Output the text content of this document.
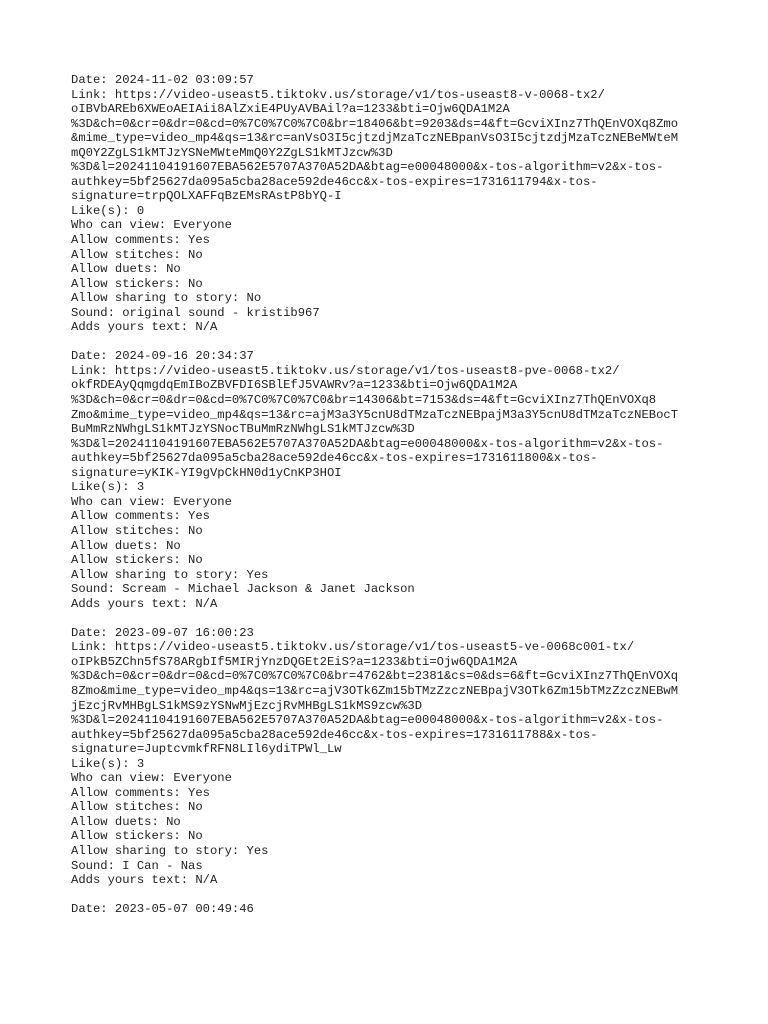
Date: 2024-11-02 03:09:57
Link: https://video-useast5.tiktokv.us/storage/v1/tos-useast8-v-0068-tx2/
oIBVbAREb6XWEoAEIAii8AlZxiE4PUyAVBAil?a=1233&bti=Ojw6QDA1M2A
%3D&ch=0&cr=0&dr=0&cd=0%7C0%7C0%7C0&br=18406&bt=9203&ds=4&ft=GcviXInz7ThQEnVOXq8Zmo
&mime_type=video_mp4&qs=13&rc=anVsO3I5cjtzdjMzaTczNEBpanVsO3I5cjtzdjMzaTczNEBeMWteM
mQ0Y2ZgLS1kMTJzYSNeMWteMmQ0Y2ZgLS1kMTJzcw%3D
%3D&l=20241104191607EBA562E5707A370A52DA&btag=e00048000&x-tos-algorithm=v2&x-tos-
authkey=5bf25627da095a5cba28ace592de46cc&x-tos-expires=1731611794&x-tos-
signature=trpQOLXAFFqBzEMsRAstP8bYQ-I
Like(s): 0
Who can view: Everyone
Allow comments: Yes
Allow stitches: No
Allow duets: No
Allow stickers: No
Allow sharing to story: No
Sound: original sound - kristib967
Adds yours text: N/A
Date: 2024-09-16 20:34:37
Link: https://video-useast5.tiktokv.us/storage/v1/tos-useast8-pve-0068-tx2/
okfRDEAyQqmgdqEmIBoZBVFDI6SBlEfJ5VAWRv?a=1233&bti=Ojw6QDA1M2A
%3D&ch=0&cr=0&dr=0&cd=0%7C0%7C0%7C0&br=14306&bt=7153&ds=4&ft=GcviXInz7ThQEnVOXq8
Zmo&mime_type=video_mp4&qs=13&rc=ajM3a3Y5cnU8dTMzaTczNEBpajM3a3Y5cnU8dTMzaTczNEBocT
BuMmRzNWhgLS1kMTJzYSNocTBuMmRzNWhgLS1kMTJzcw%3D
%3D&l=20241104191607EBA562E5707A370A52DA&btag=e00048000&x-tos-algorithm=v2&x-tos-
authkey=5bf25627da095a5cba28ace592de46cc&x-tos-expires=1731611800&x-tos-
signature=yKIK-YI9gVpCkHN0d1yCnKP3HOI
Like(s): 3
Who can view: Everyone
Allow comments: Yes
Allow stitches: No
Allow duets: No
Allow stickers: No
Allow sharing to story: Yes
Sound: Scream - Michael Jackson & Janet Jackson
Adds yours text: N/A
Date: 2023-09-07 16:00:23
Link: https://video-useast5.tiktokv.us/storage/v1/tos-useast5-ve-0068c001-tx/
oIPkB5ZChn5fS78ARgbIf5MIRjYnzDQGEt2EiS?a=1233&bti=Ojw6QDA1M2A
%3D&ch=0&cr=0&dr=0&cd=0%7C0%7C0%7C0&br=4762&bt=2381&cs=0&ds=6&ft=GcviXInz7ThQEnVOXq
8Zmo&mime_type=video_mp4&qs=13&rc=ajV3OTk6Zm15bTMzZzczNEBpajV3OTk6Zm15bTMzZzczNEBwM
jEzcjRvMHBgLS1kMS9zYSNwMjEzcjRvMHBgLS1kMS9zcw%3D
%3D&l=20241104191607EBA562E5707A370A52DA&btag=e00048000&x-tos-algorithm=v2&x-tos-
authkey=5bf25627da095a5cba28ace592de46cc&x-tos-expires=1731611788&x-tos-
signature=JuptcvmkfRFN8LIl6ydiTPWl_Lw
Like(s): 3
Who can view: Everyone
Allow comments: Yes
Allow stitches: No
Allow duets: No
Allow stickers: No
Allow sharing to story: Yes
Sound: I Can - Nas
Adds yours text: N/A
Date: 2023-05-07 00:49:46
